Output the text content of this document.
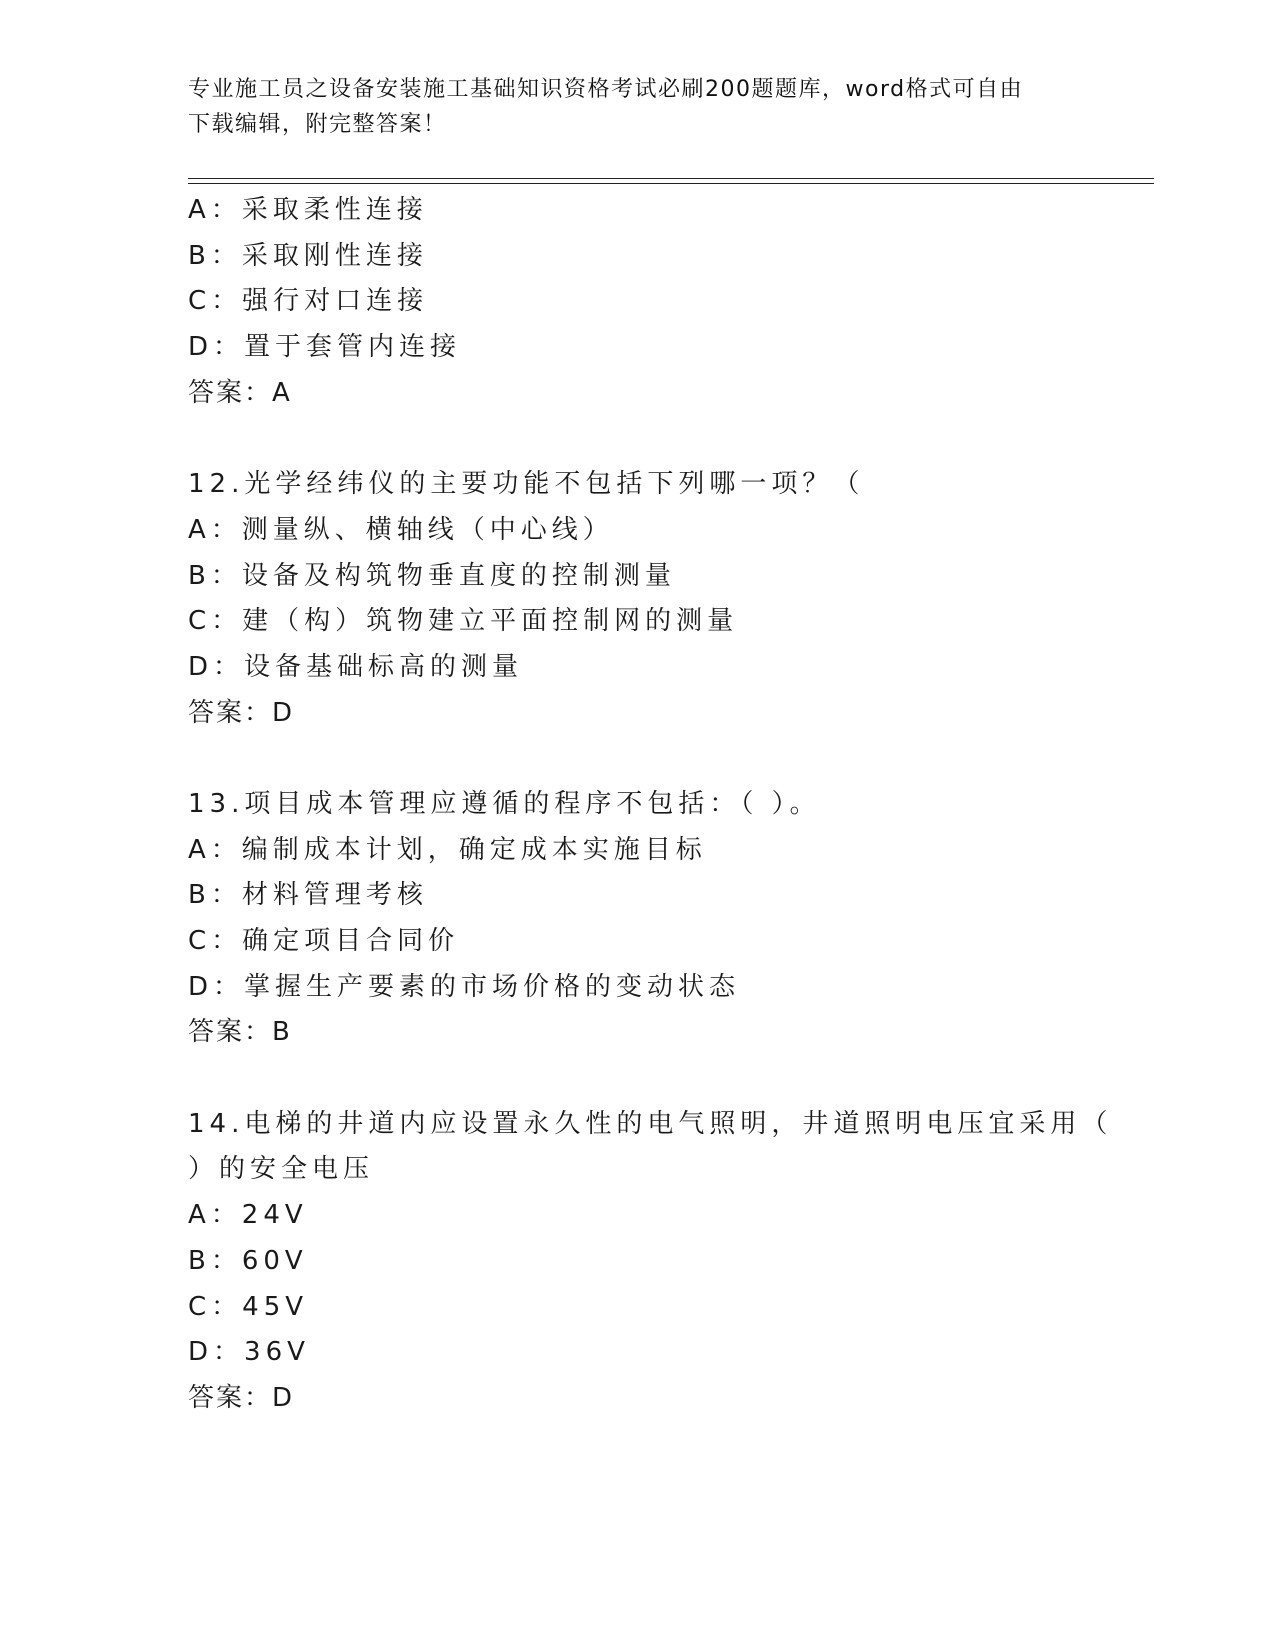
专业施工员之设备安装施工基础知识资格考试必刷200题题库，word格式可自由
下载编辑，附完整答案！
A：采取柔性连接
B：采取刚性连接
C：强行对口连接
D：置于套管内连接
答案：A
12.光学经纬仪的主要功能不包括下列哪一项？（
A：测量纵、横轴线（中心线）
B：设备及构筑物垂直度的控制测量
C：建（构）筑物建立平面控制网的测量
D：设备基础标高的测量
答案：D
13.项目成本管理应遵循的程序不包括：（ ）。
A：编制成本计划，确定成本实施目标
B：材料管理考核
C：确定项目合同价
D：掌握生产要素的市场价格的变动状态
答案：B
14.电梯的井道内应设置永久性的电气照明，井道照明电压宜采用（
）的安全电压
A：24V
B：60V
C：45V
D：36V
答案：D
